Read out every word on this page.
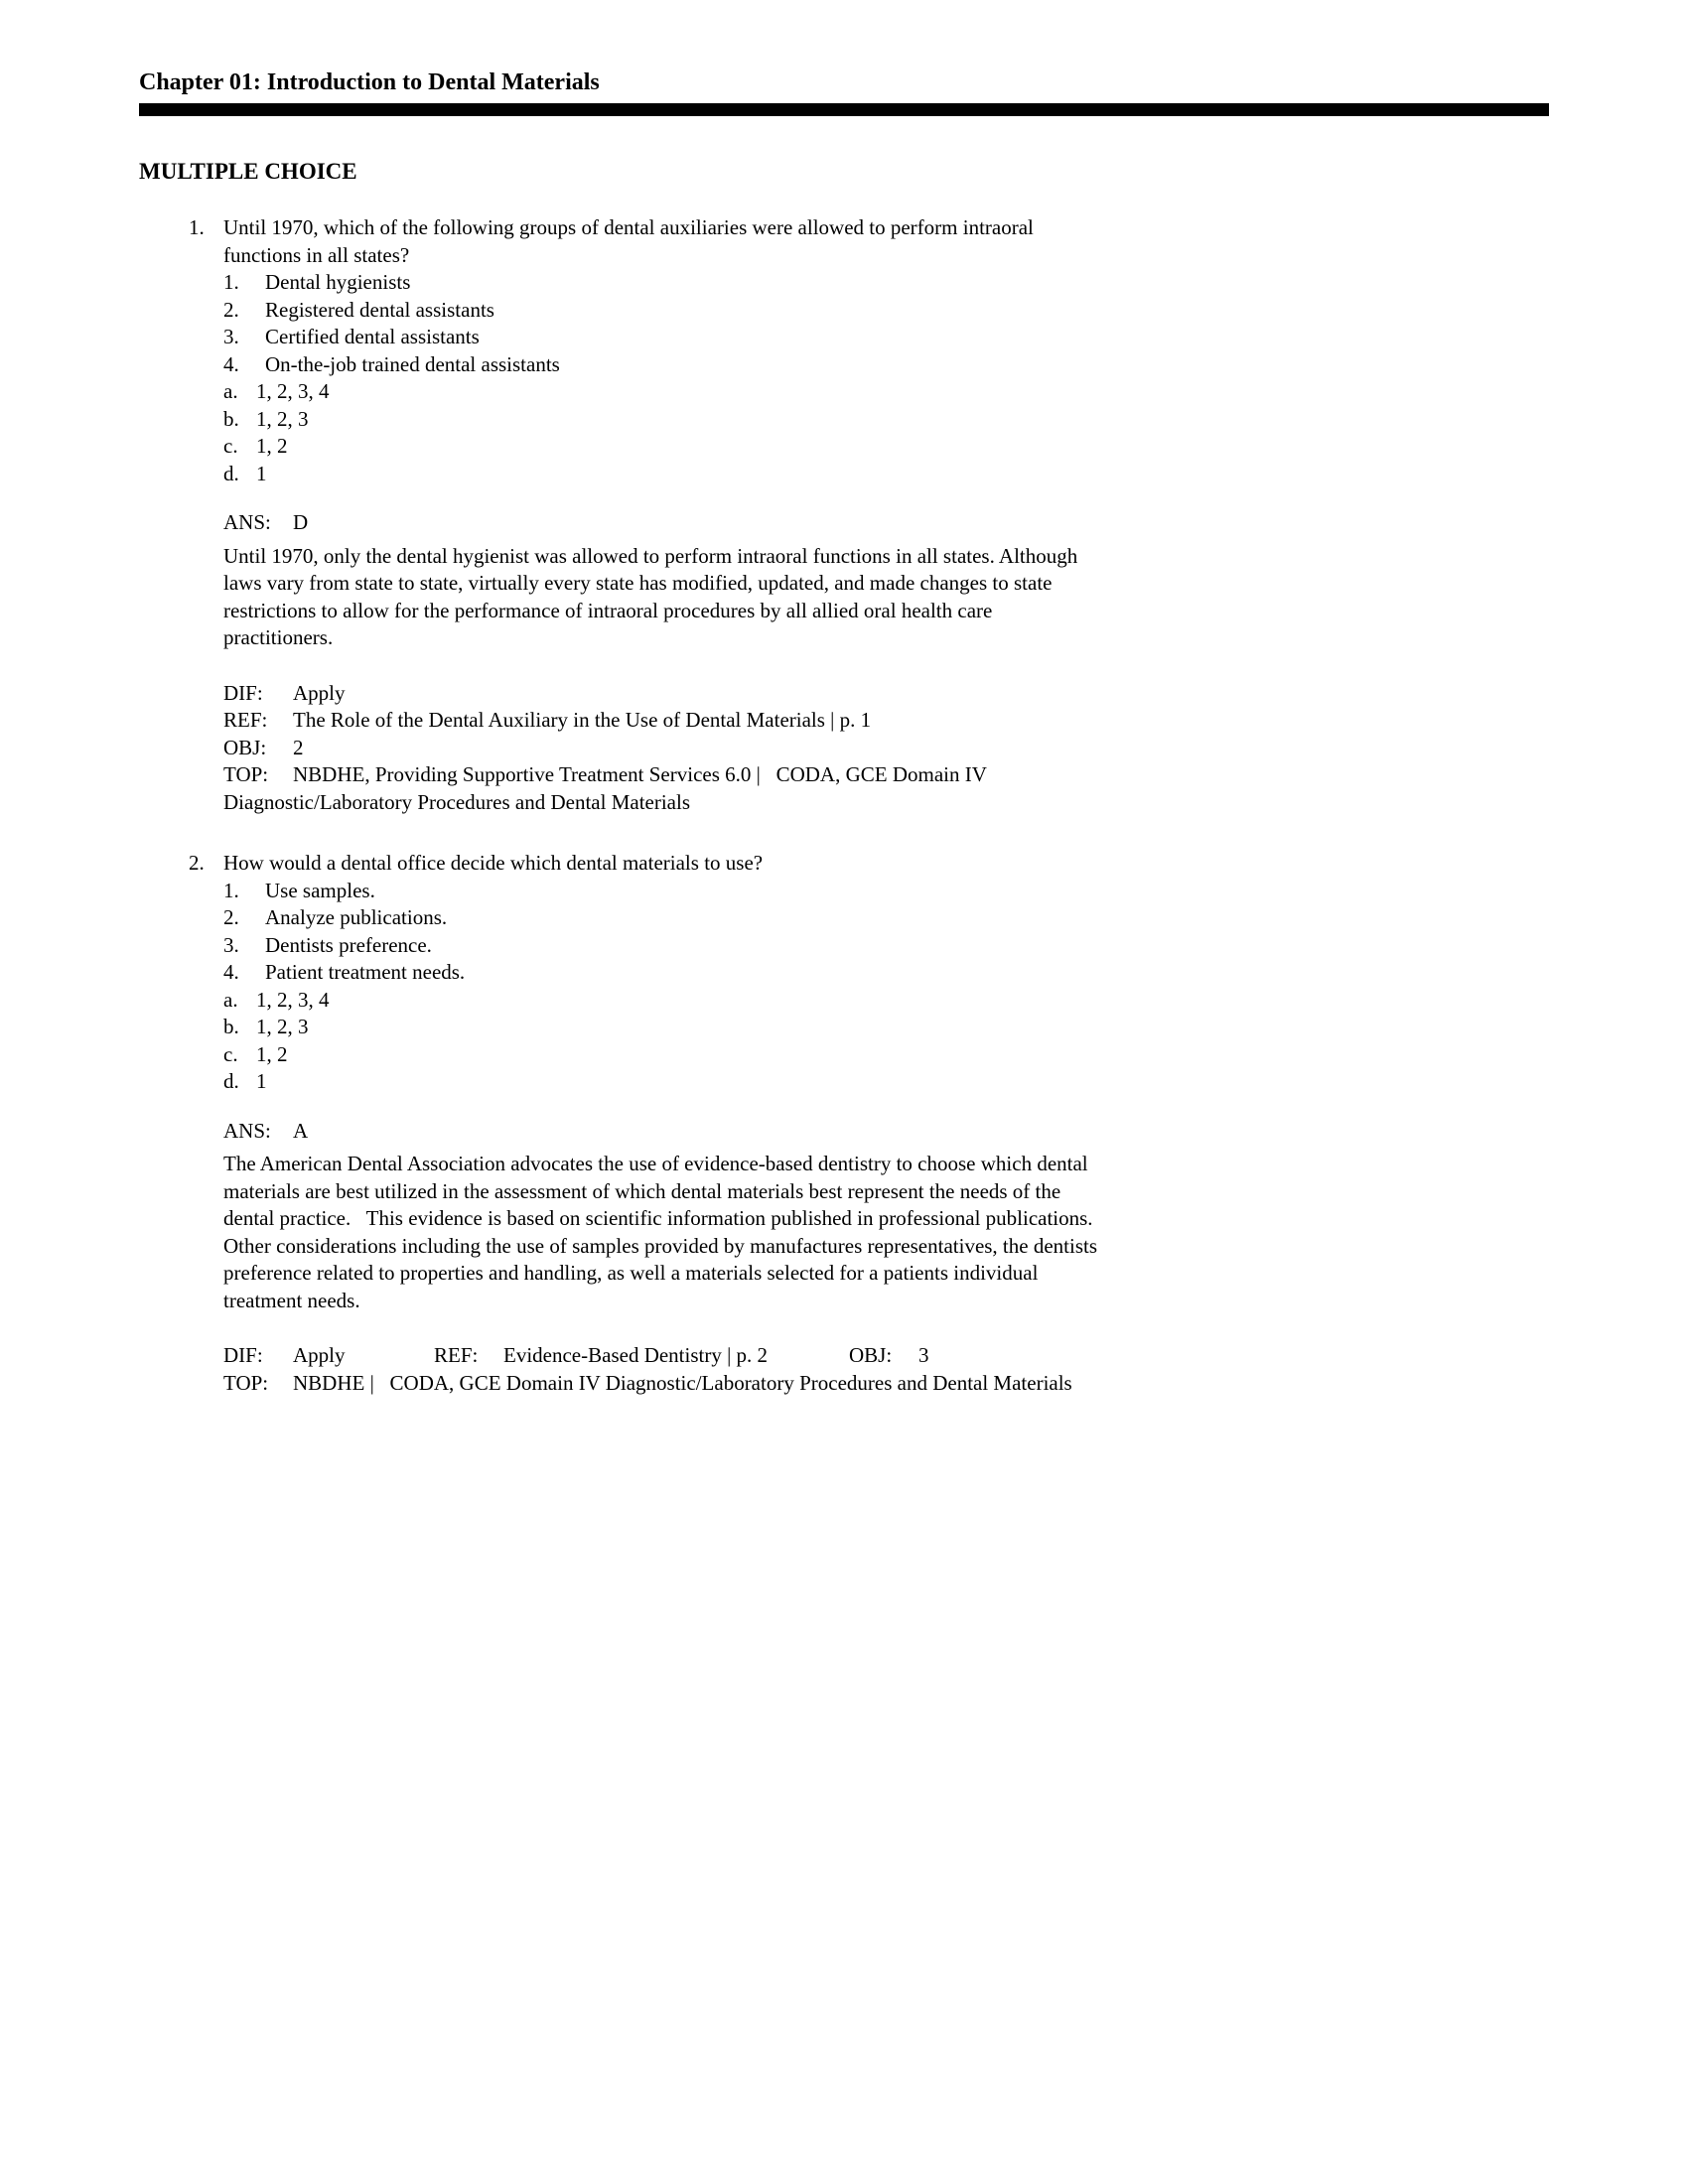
Chapter 01: Introduction to Dental Materials
MULTIPLE CHOICE
1. Until 1970, which of the following groups of dental auxiliaries were allowed to perform intraoral functions in all states?

1.	Dental hygienists
2.	Registered dental assistants
3.	Certified dental assistants
4.	On-the-job trained dental assistants
a. 1, 2, 3, 4
b. 1, 2, 3
c. 1, 2
d. 1

ANS: D

Until 1970, only the dental hygienist was allowed to perform intraoral functions in all states. Although laws vary from state to state, virtually every state has modified, updated, and made changes to state restrictions to allow for the performance of intraoral procedures by all allied oral health care practitioners.

DIF: Apply

REF: The Role of the Dental Auxiliary in the Use of Dental Materials | p. 1

OBJ: 2

TOP: NBDHE, Providing Supportive Treatment Services 6.0 |   CODA, GCE Domain IV Diagnostic/Laboratory Procedures and Dental Materials

2. How would a dental office decide which dental materials to use?

1.	Use samples.
2.	Analyze publications.
3.	Dentists preference.
4.	Patient treatment needs.
a. 1, 2, 3, 4
b. 1, 2, 3
c. 1, 2
d. 1

ANS: A

The American Dental Association advocates the use of evidence-based dentistry to choose which dental materials are best utilized in the assessment of which dental materials best represent the needs of the dental practice.   This evidence is based on scientific information published in professional publications.   Other considerations including the use of samples provided by manufactures representatives, the dentists preference related to properties and handling, as well a materials selected for a patients individual treatment needs.

DIF: Apply	REF: Evidence-Based Dentistry | p. 2	OBJ: 3

TOP: NBDHE |   CODA, GCE Domain IV Diagnostic/Laboratory Procedures and Dental Materials
